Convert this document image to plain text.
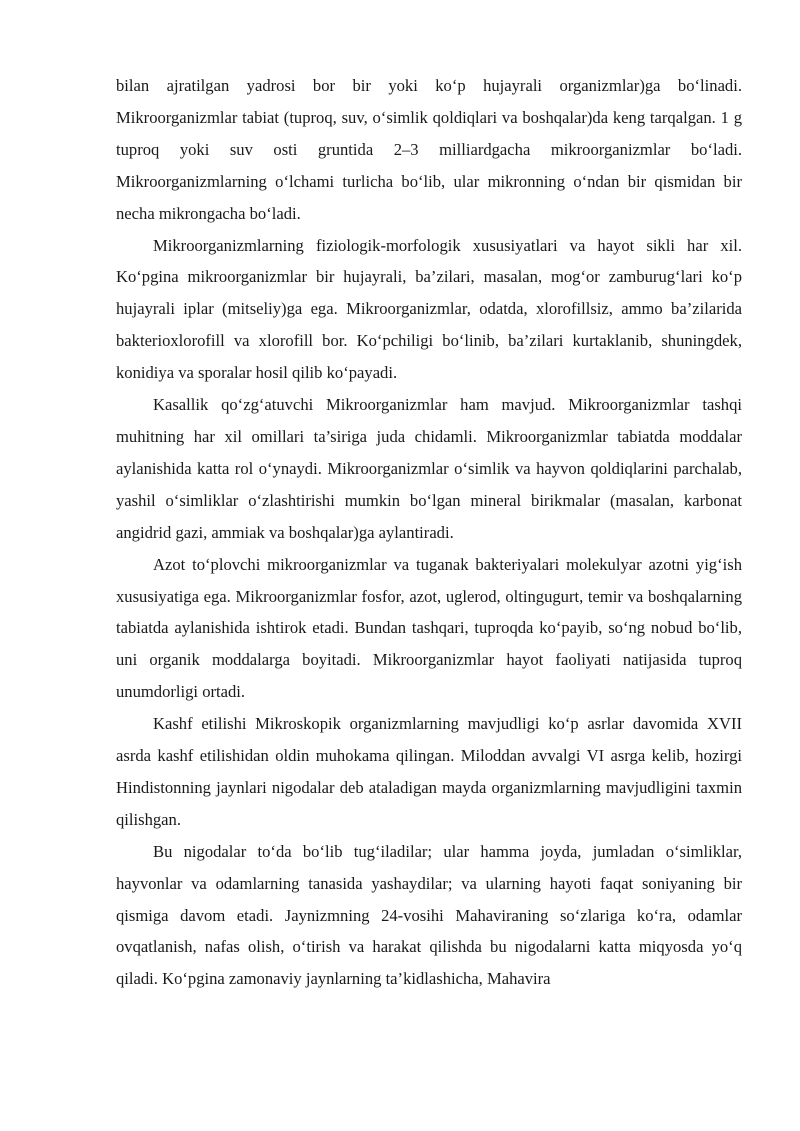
bilan ajratilgan yadrosi bor bir yoki ko‘p hujayrali organizmlar)ga bo‘linadi. Mikroorganizmlar tabiat (tuproq, suv, o‘simlik qoldiqlari va boshqalar)da keng tarqalgan. 1 g tuproq yoki suv osti gruntida 2–3 milliardgacha mikroorganizmlar bo‘ladi. Mikroorganizmlarning o‘lchami turlicha bo‘lib, ular mikronning o‘ndan bir qismidan bir necha mikrongacha bo‘ladi.

Mikroorganizmlarning fiziologik-morfologik xususiyatlari va hayot sikli har xil. Ko‘pgina mikroorganizmlar bir hujayrali, ba’zilari, masalan, mog‘or zamburug‘lari ko‘p hujayrali iplar (mitseliy)ga ega. Mikroorganizmlar, odatda, xlorofillsiz, ammo ba’zilarida bakterioxlorofill va xlorofill bor. Ko‘pchiligi bo‘linib, ba’zilari kurtaklanib, shuningdek, konidiya va sporalar hosil qilib ko‘payadi.

Kasallik qo‘zg‘atuvchi Mikroorganizmlar ham mavjud. Mikroorganizmlar tashqi muhitning har xil omillari ta’siriga juda chidamli. Mikroorganizmlar tabiatda moddalar aylanishida katta rol o‘ynaydi. Mikroorganizmlar o‘simlik va hayvon qoldiqlarini parchalab, yashil o‘simliklar o‘zlashtirishi mumkin bo‘lgan mineral birikmalar (masalan, karbonat angidrid gazi, ammiak va boshqalar)ga aylantiradi.

Azot to‘plovchi mikroorganizmlar va tuganak bakteriyalari molekulyar azotni yig‘ish xususiyatiga ega. Mikroorganizmlar fosfor, azot, uglerod, oltingugurt, temir va boshqalarning tabiatda aylanishida ishtirok etadi. Bundan tashqari, tuproqda ko‘payib, so‘ng nobud bo‘lib, uni organik moddalarga boyitadi. Mikroorganizmlar hayot faoliyati natijasida tuproq unumdorligi ortadi.

Kashf etilishi Mikroskopik organizmlarning mavjudligi ko‘p asrlar davomida XVII asrda kashf etilishidan oldin muhokama qilingan. Miloddan avvalgi VI asrga kelib, hozirgi Hindistonning jaynlari nigodalar deb ataladigan mayda organizmlarning mavjudligini taxmin qilishgan.

Bu nigodalar to‘da bo‘lib tug‘iladilar; ular hamma joyda, jumladan o‘simliklar, hayvonlar va odamlarning tanasida yashaydilar; va ularning hayoti faqat soniyaning bir qismiga davom etadi. Jaynizmning 24-vosihi Mahaviraning so‘zlariga ko‘ra, odamlar ovqatlanish, nafas olish, o‘tirish va harakat qilishda bu nigodalarni katta miqyosda yo‘q qiladi. Ko‘pgina zamonaviy jaynlarning ta’kidlashicha, Mahavira
